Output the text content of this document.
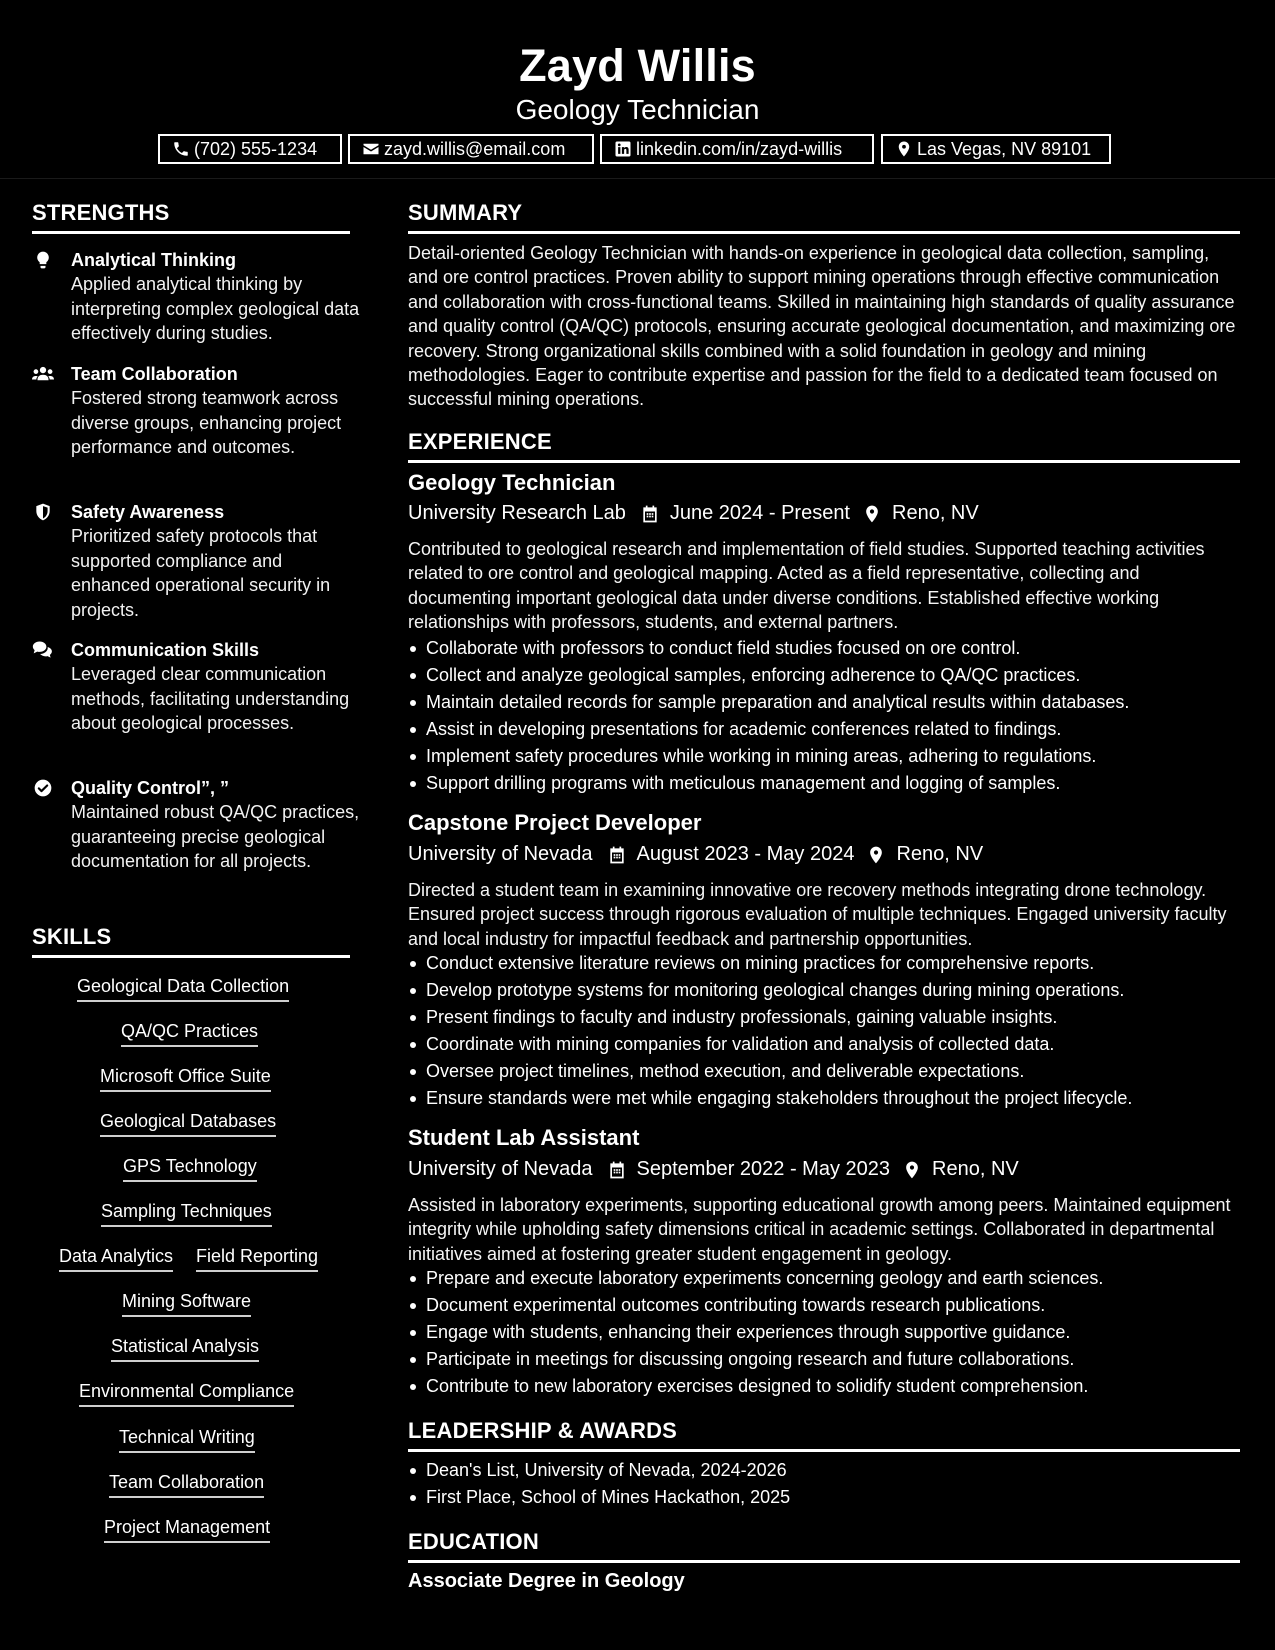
Zayd Willis
Geology Technician
(702) 555-1234	zayd.willis@email.com	linkedin.com/in/zayd-willis	Las Vegas, NV 89101
STRENGTHS
Analytical Thinking
Applied analytical thinking by interpreting complex geological data effectively during studies.
Team Collaboration
Fostered strong teamwork across diverse groups, enhancing project performance and outcomes.
Safety Awareness
Prioritized safety protocols that supported compliance and enhanced operational security in projects.
Communication Skills
Leveraged clear communication methods, facilitating understanding about geological processes.
Quality Control”, ”
Maintained robust QA/QC practices, guaranteeing precise geological documentation for all projects.
SKILLS
Geological Data Collection
QA/QC Practices
Microsoft Office Suite
Geological Databases
GPS Technology
Sampling Techniques
Data Analytics Field Reporting
Mining Software
Statistical Analysis
Environmental Compliance
Technical Writing
Team Collaboration
Project Management
SUMMARY
Detail-oriented Geology Technician with hands-on experience in geological data collection, sampling, and ore control practices. Proven ability to support mining operations through effective communication and collaboration with cross-functional teams. Skilled in maintaining high standards of quality assurance and quality control (QA/QC) protocols, ensuring accurate geological documentation, and maximizing ore recovery. Strong organizational skills combined with a solid foundation in geology and mining methodologies. Eager to contribute expertise and passion for the field to a dedicated team focused on successful mining operations.
EXPERIENCE
Geology Technician
University Research Lab June 2024 - Present Reno, NV
Contributed to geological research and implementation of field studies. Supported teaching activities related to ore control and geological mapping. Acted as a field representative, collecting and documenting important geological data under diverse conditions. Established effective working relationships with professors, students, and external partners.
Collaborate with professors to conduct field studies focused on ore control.
Collect and analyze geological samples, enforcing adherence to QA/QC practices.
Maintain detailed records for sample preparation and analytical results within databases.
Assist in developing presentations for academic conferences related to findings.
Implement safety procedures while working in mining areas, adhering to regulations.
Support drilling programs with meticulous management and logging of samples.
Capstone Project Developer
University of Nevada August 2023 - May 2024 Reno, NV
Directed a student team in examining innovative ore recovery methods integrating drone technology. Ensured project success through rigorous evaluation of multiple techniques. Engaged university faculty and local industry for impactful feedback and partnership opportunities.
Conduct extensive literature reviews on mining practices for comprehensive reports.
Develop prototype systems for monitoring geological changes during mining operations.
Present findings to faculty and industry professionals, gaining valuable insights.
Coordinate with mining companies for validation and analysis of collected data.
Oversee project timelines, method execution, and deliverable expectations.
Ensure standards were met while engaging stakeholders throughout the project lifecycle.
Student Lab Assistant
University of Nevada September 2022 - May 2023 Reno, NV
Assisted in laboratory experiments, supporting educational growth among peers. Maintained equipment integrity while upholding safety dimensions critical in academic settings. Collaborated in departmental initiatives aimed at fostering greater student engagement in geology.
Prepare and execute laboratory experiments concerning geology and earth sciences.
Document experimental outcomes contributing towards research publications.
Engage with students, enhancing their experiences through supportive guidance.
Participate in meetings for discussing ongoing research and future collaborations.
Contribute to new laboratory exercises designed to solidify student comprehension.
LEADERSHIP & AWARDS
Dean's List, University of Nevada, 2024-2026
First Place, School of Mines Hackathon, 2025
EDUCATION
Associate Degree in Geology
